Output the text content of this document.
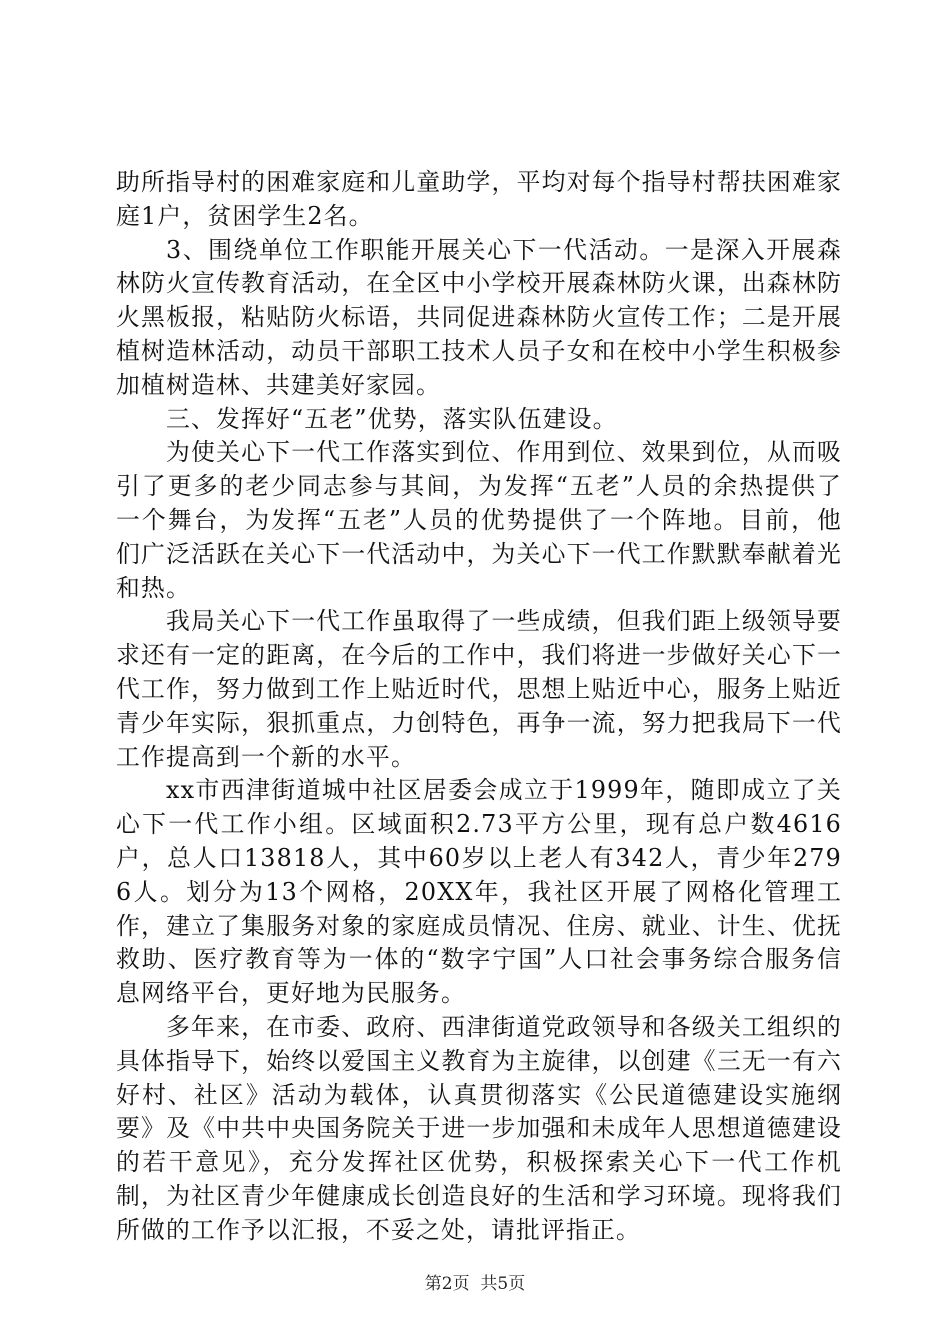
助所指导村的困难家庭和儿童助学，平均对每个指导村帮扶困难家庭1户，贫困学生2名。

3、围绕单位工作职能开展关心下一代活动。一是深入开展森林防火宣传教育活动，在全区中小学校开展森林防火课，出森林防火黑板报，粘贴防火标语，共同促进森林防火宣传工作；二是开展植树造林活动，动员干部职工技术人员子女和在校中小学生积极参加植树造林、共建美好家园。

三、发挥好“五老”优势，落实队伍建设。

为使关心下一代工作落实到位、作用到位、效果到位，从而吸引了更多的老少同志参与其间，为发挥“五老”人员的余热提供了一个舞台，为发挥“五老”人员的优势提供了一个阵地。目前，他们广泛活跃在关心下一代活动中，为关心下一代工作默默奉献着光和热。

我局关心下一代工作虽取得了一些成绩，但我们距上级领导要求还有一定的距离，在今后的工作中，我们将进一步做好关心下一代工作，努力做到工作上贴近时代，思想上贴近中心，服务上贴近青少年实际，狠抓重点，力创特色，再争一流，努力把我局下一代工作提高到一个新的水平。

xx市西津街道城中社区居委会成立于1999年，随即成立了关心下一代工作小组。区域面积2.73平方公里，现有总户数4616户，总人口13818人，其中60岁以上老人有342人，青少年2796人。划分为13个网格，20XX年，我社区开展了网格化管理工作，建立了集服务对象的家庭成员情况、住房、就业、计生、优抚救助、医疗教育等为一体的“数字宁国”人口社会事务综合服务信息网络平台，更好地为民服务。

多年来，在市委、政府、西津街道党政领导和各级关工组织的具体指导下，始终以爱国主义教育为主旋律，以创建《三无一有六好村、社区》活动为载体，认真贯彻落实《公民道德建设实施纲要》及《中共中央国务院关于进一步加强和未成年人思想道德建设的若干意见》，充分发挥社区优势，积极探索关心下一代工作机制，为社区青少年健康成长创造良好的生活和学习环境。现将我们所做的工作予以汇报，不妥之处，请批评指正。

第2页  共5页
